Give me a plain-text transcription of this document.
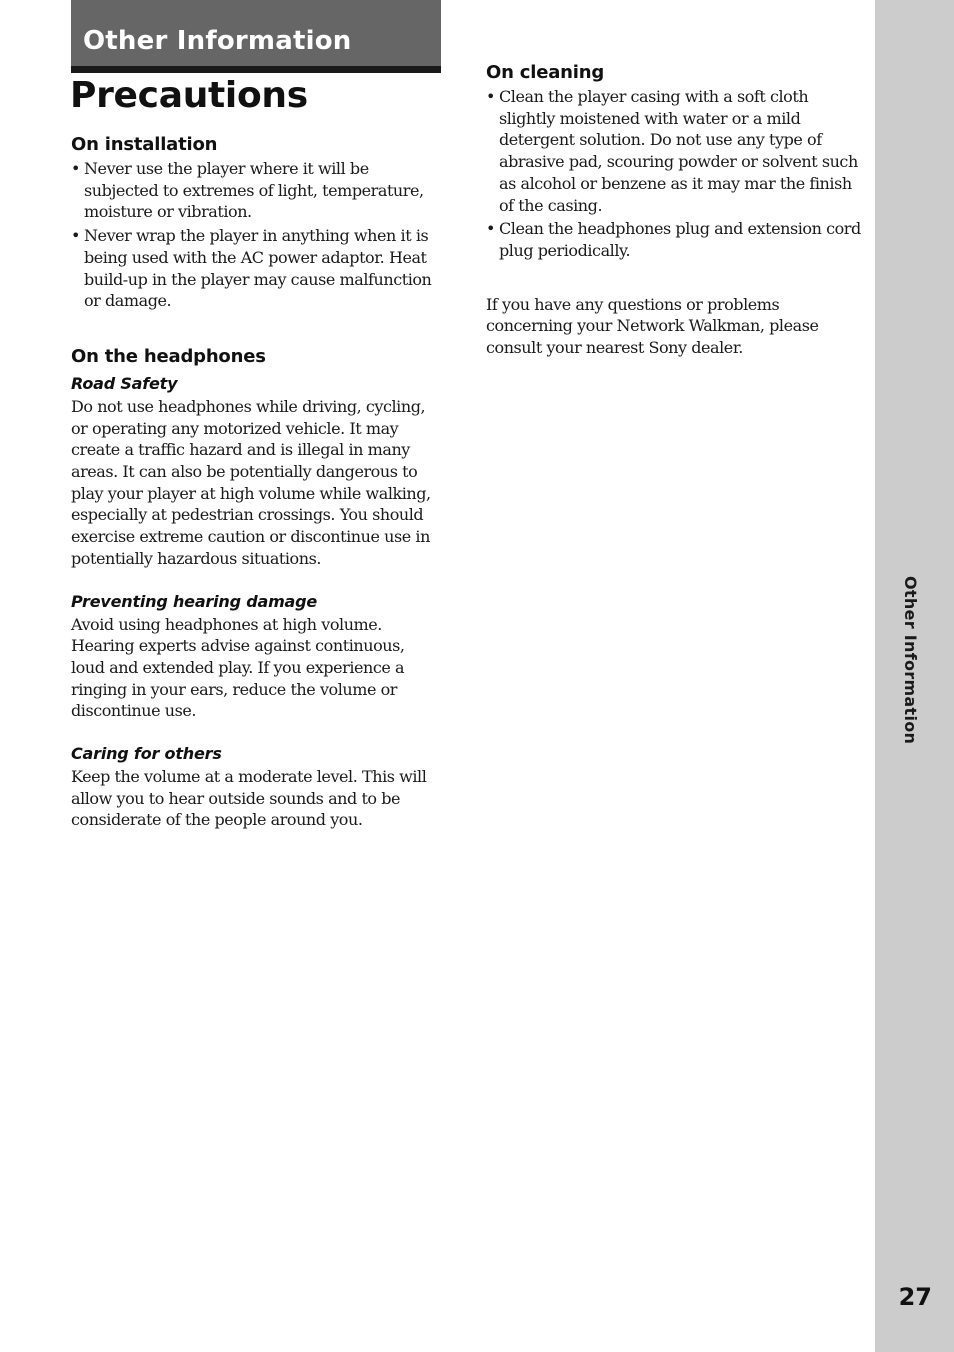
Other Information
Precautions
On installation
• Never use the player where it will be subjected to extremes of light, temperature, moisture or vibration.
• Never wrap the player in anything when it is being used with the AC power adaptor. Heat build-up in the player may cause malfunction or damage.
On the headphones
Road Safety

Do not use headphones while driving, cycling, or operating any motorized vehicle. It may create a traffic hazard and is illegal in many areas. It can also be potentially dangerous to play your player at high volume while walking, especially at pedestrian crossings. You should exercise extreme caution or discontinue use in potentially hazardous situations.

Preventing hearing damage

Avoid using headphones at high volume. Hearing experts advise against continuous, loud and extended play. If you experience a ringing in your ears, reduce the volume or discontinue use.

Caring for others

Keep the volume at a moderate level. This will allow you to hear outside sounds and to be considerate of the people around you.

On cleaning
• Clean the player casing with a soft cloth slightly moistened with water or a mild detergent solution. Do not use any type of abrasive pad, scouring powder or solvent such as alcohol or benzene as it may mar the finish of the casing.
• Clean the headphones plug and extension cord plug periodically.

If you have any questions or problems concerning your Network Walkman, please consult your nearest Sony dealer.

Other Information
27
